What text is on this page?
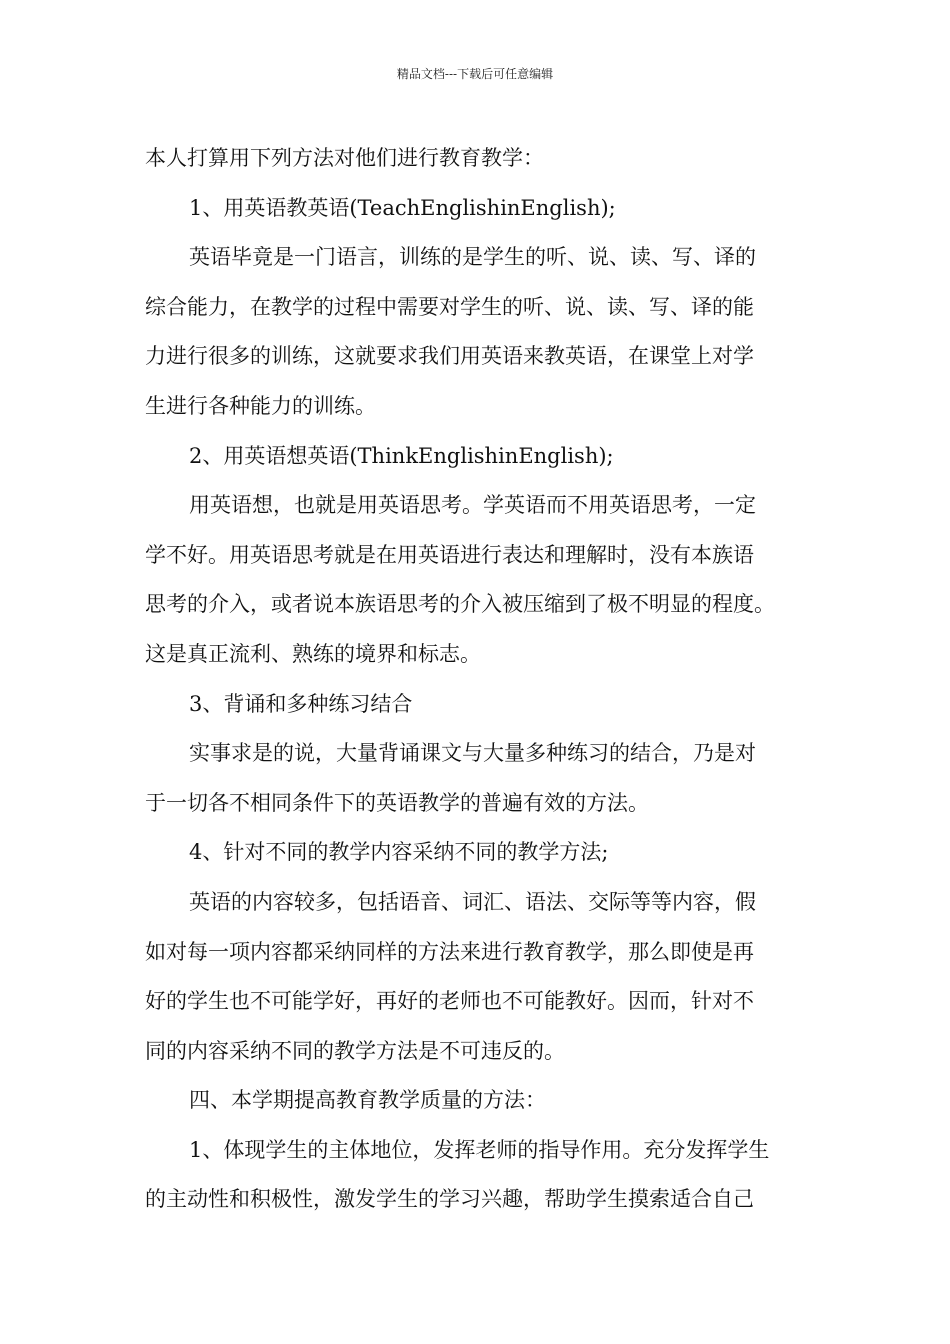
精品文档---下载后可任意编辑

本人打算用下列方法对他们进行教育教学：

1、用英语教英语(TeachEnglishinEnglish);

英语毕竟是一门语言，训练的是学生的听、说、读、写、译的

综合能力，在教学的过程中需要对学生的听、说、读、写、译的能

力进行很多的训练，这就要求我们用英语来教英语，在课堂上对学

生进行各种能力的训练。

2、用英语想英语(ThinkEnglishinEnglish);

用英语想，也就是用英语思考。学英语而不用英语思考，一定

学不好。用英语思考就是在用英语进行表达和理解时，没有本族语

思考的介入，或者说本族语思考的介入被压缩到了极不明显的程度。

这是真正流利、熟练的境界和标志。

3、背诵和多种练习结合

实事求是的说，大量背诵课文与大量多种练习的结合，乃是对

于一切各不相同条件下的英语教学的普遍有效的方法。

4、针对不同的教学内容采纳不同的教学方法;

英语的内容较多，包括语音、词汇、语法、交际等等内容，假

如对每一项内容都采纳同样的方法来进行教育教学，那么即使是再

好的学生也不可能学好，再好的老师也不可能教好。因而，针对不

同的内容采纳不同的教学方法是不可违反的。

四、本学期提高教育教学质量的方法：

1、体现学生的主体地位，发挥老师的指导作用。充分发挥学生

的主动性和积极性，激发学生的学习兴趣，帮助学生摸索适合自己
